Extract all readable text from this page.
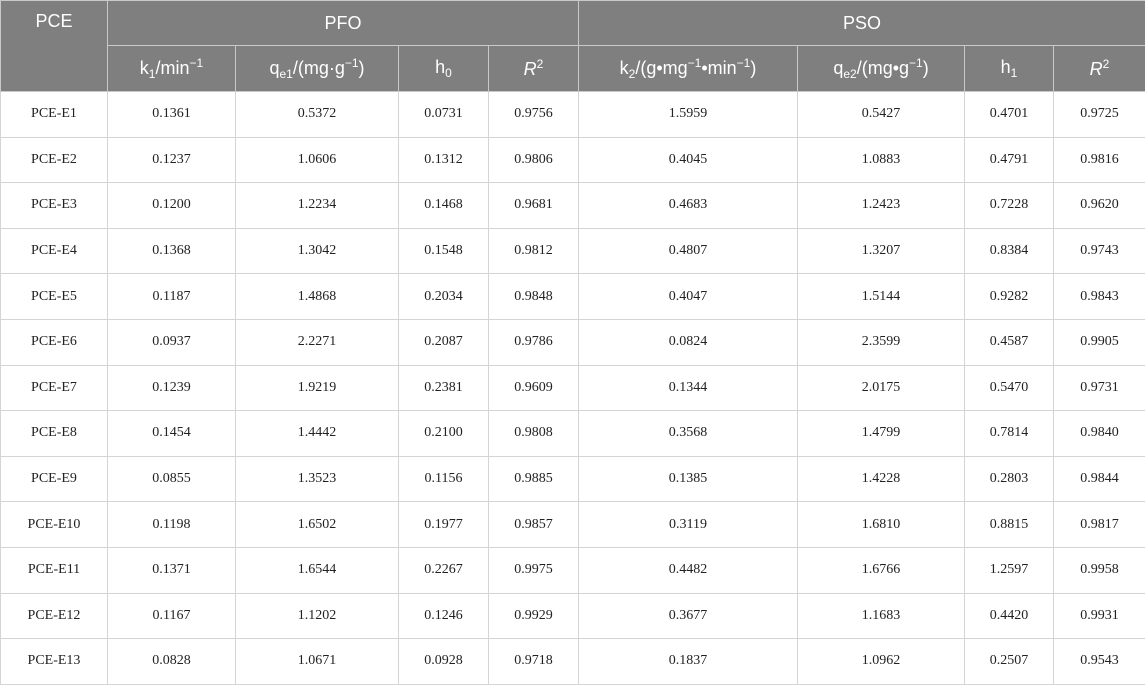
PCE	PFO				PSO			
	$k_1/\min^{-1}$	$q_{e1}/(mg\cdot g^{-1})$	$h_0$	$R^2$	$k_2/(g•mg^{-1}•\min^{-1})$	$q_{e2}/(mg•g^{-1})$	$h_1$	$R^2$
PCE-E1	0.1361	0.5372	0.0731	0.9756	1.5959	0.5427	0.4701	0.9725
PCE-E2	0.1237	1.0606	0.1312	0.9806	0.4045	1.0883	0.4791	0.9816
PCE-E3	0.1200	1.2234	0.1468	0.9681	0.4683	1.2423	0.7228	0.9620
PCE-E4	0.1368	1.3042	0.1548	0.9812	0.4807	1.3207	0.8384	0.9743
PCE-E5	0.1187	1.4868	0.2034	0.9848	0.4047	1.5144	0.9282	0.9843
PCE-E6	0.0937	2.2271	0.2087	0.9786	0.0824	2.3599	0.4587	0.9905
PCE-E7	0.1239	1.9219	0.2381	0.9609	0.1344	2.0175	0.5470	0.9731
PCE-E8	0.1454	1.4442	0.2100	0.9808	0.3568	1.4799	0.7814	0.9840
PCE-E9	0.0855	1.3523	0.1156	0.9885	0.1385	1.4228	0.2803	0.9844
PCE-E10	0.1198	1.6502	0.1977	0.9857	0.3119	1.6810	0.8815	0.9817
PCE-E11	0.1371	1.6544	0.2267	0.9975	0.4482	1.6766	1.2597	0.9958
PCE-E12	0.1167	1.1202	0.1246	0.9929	0.3677	1.1683	0.4420	0.9931
PCE-E13	0.0828	1.0671	0.0928	0.9718	0.1837	1.0962	0.2507	0.9543
